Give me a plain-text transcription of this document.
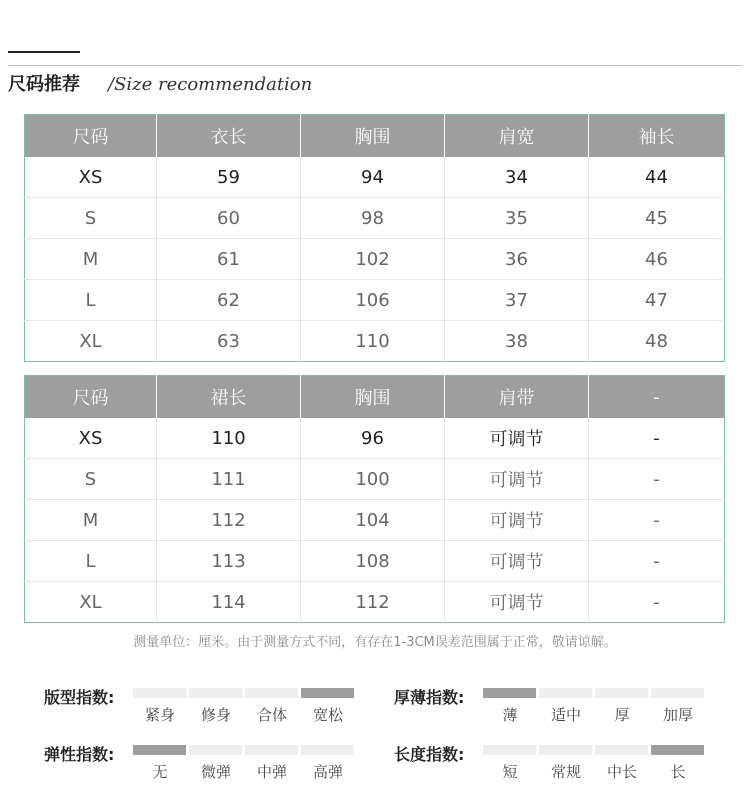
尺码推荐 /Size recommendation
尺码	衣长	胸围	肩宽	袖长
XS	59	94	34	44
S	60	98	35	45
M	61	102	36	46
L	62	106	37	47
XL	63	110	38	48
尺码	裙长	胸围	肩带	-
XS	110	96	可调节	-
S	111	100	可调节	-
M	112	104	可调节	-
L	113	108	可调节	-
XL	114	112	可调节	-
测量单位：厘米。由于测量方式不同，有存在1-3CM误差范围属于正常，敬请谅解。
版型指数:
紧身	修身	合体	宽松
厚薄指数:
薄	适中	厚	加厚
弹性指数:
无	微弹	中弹	高弹
长度指数:
短	常规	中长	长
